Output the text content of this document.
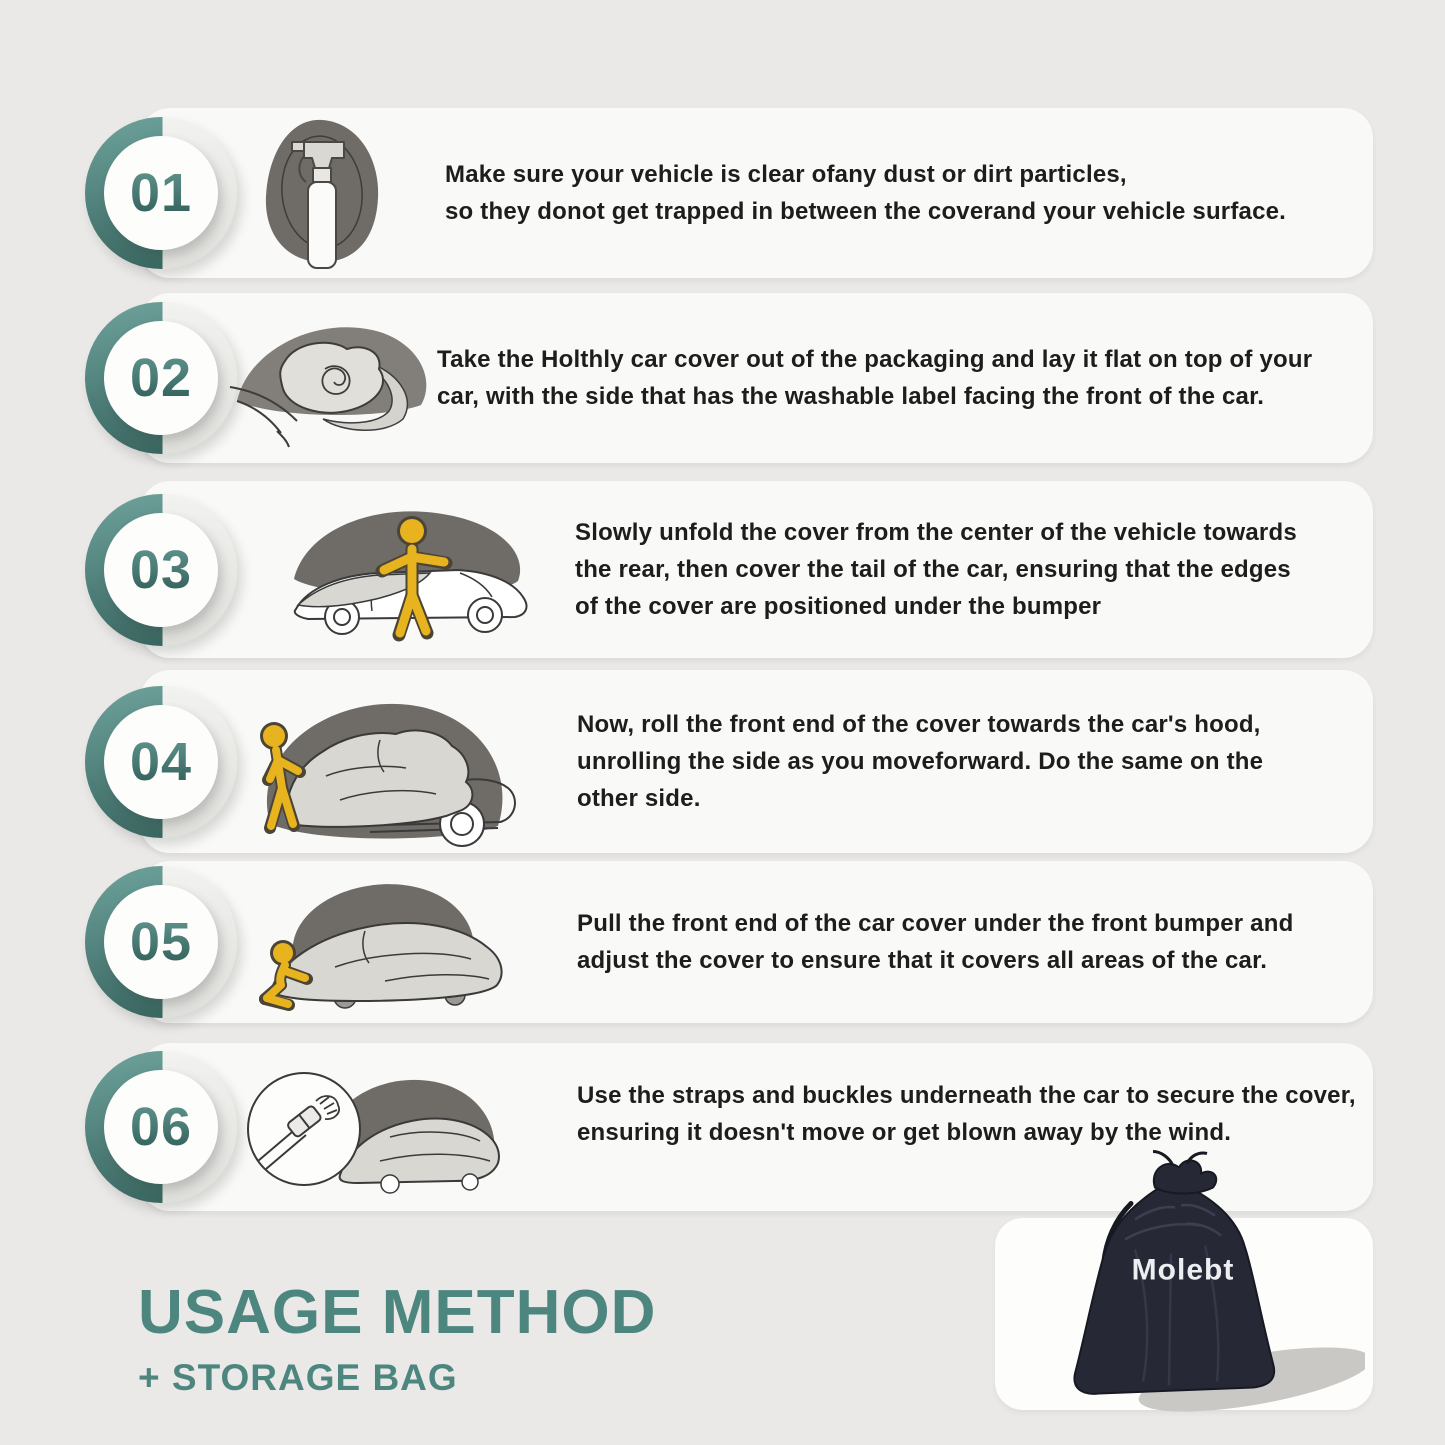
01	Make sure your vehicle is clear ofany dust or dirt particles,
so they donot get trapped in between the coverand your vehicle surface.
02	Take the Holthly car cover out of the packaging and lay it flat on top of your
car, with the side that has the washable label facing the front of the car.
03
Slowly unfold the cover from the center of the vehicle towards
the rear, then cover the tail of the car, ensuring that the edges
of the cover are positioned under the bumper
04
Now, roll the front end of the cover towards the car's hood,
unrolling the side as you moveforward. Do the same on the
other side.
05	Pull the front end of the car cover under the front bumper and
adjust the cover to ensure that it covers all areas of the car.
06
Use the straps and buckles underneath the car to secure the cover,
ensuring it doesn't move or get blown away by the wind.
USAGE METHOD
+ STORAGE BAG
Molebt
